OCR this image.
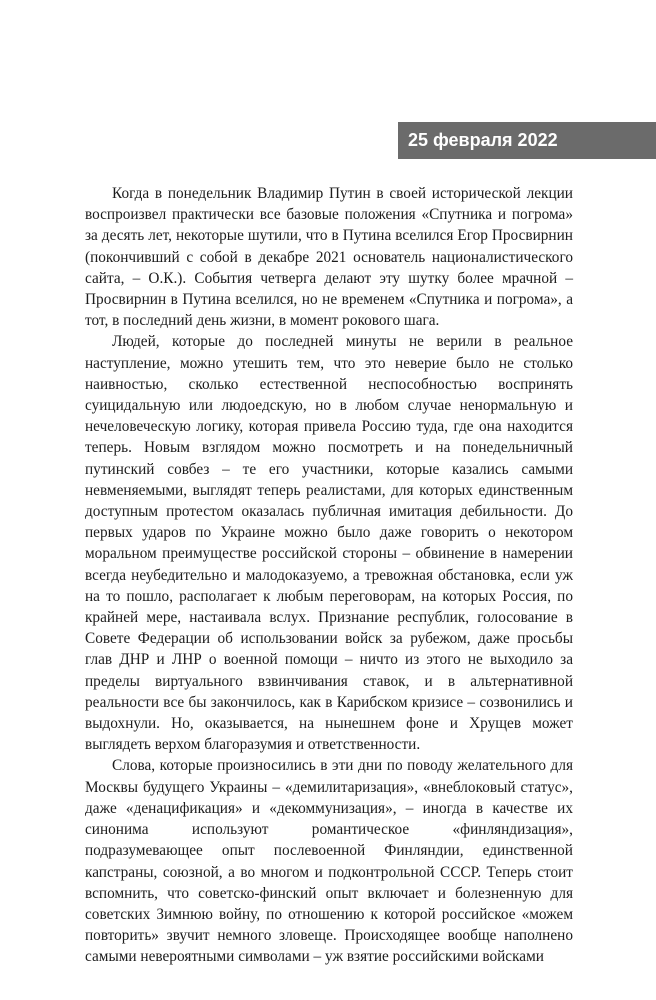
25 февраля 2022

Когда в понедельник Владимир Путин в своей исторической лекции воспроизвел практически все базовые положения «Спутника и погрома» за десять лет, некоторые шутили, что в Путина вселился Егор Просвирнин (покончивший с собой в декабре 2021 основатель националистического сайта, – О.К.). События четверга делают эту шутку более мрачной – Просвирнин в Путина вселился, но не временем «Спутника и погрома», а тот, в последний день жизни, в момент рокового шага.

Людей, которые до последней минуты не верили в реальное наступление, можно утешить тем, что это неверие было не столько наивностью, сколько естественной неспособностью воспринять суицидальную или людоедскую, но в любом случае ненормальную и нечеловеческую логику, которая привела Россию туда, где она находится теперь. Новым взглядом можно посмотреть и на понедельничный путинский совбез – те его участники, которые казались самыми невменяемыми, выглядят теперь реалистами, для которых единственным доступным протестом оказалась публичная имитация дебильности. До первых ударов по Украине можно было даже говорить о некотором моральном преимуществе российской стороны – обвинение в намерении всегда неубедительно и малодоказуемо, а тревожная обстановка, если уж на то пошло, располагает к любым переговорам, на которых Россия, по крайней мере, настаивала вслух. Признание республик, голосование в Совете Федерации об использовании войск за рубежом, даже просьбы глав ДНР и ЛНР о военной помощи – ничто из этого не выходило за пределы виртуального взвинчивания ставок, и в альтернативной реальности все бы закончилось, как в Карибском кризисе – созвонились и выдохнули. Но, оказывается, на нынешнем фоне и Хрущев может выглядеть верхом благоразумия и ответственности.

Слова, которые произносились в эти дни по поводу желательного для Москвы будущего Украины – «демилитаризация», «внеблоковый статус», даже «денацификация» и «декоммунизация», – иногда в качестве их синонима используют романтическое «финляндизация», подразумевающее опыт послевоенной Финляндии, единственной капстраны, союзной, а во многом и подконтрольной СССР. Теперь стоит вспомнить, что советско-финский опыт включает и болезненную для советских Зимнюю войну, по отношению к которой российское «можем повторить» звучит немного зловеще. Происходящее вообще наполнено самыми невероятными символами – уж взятие российскими войсками
